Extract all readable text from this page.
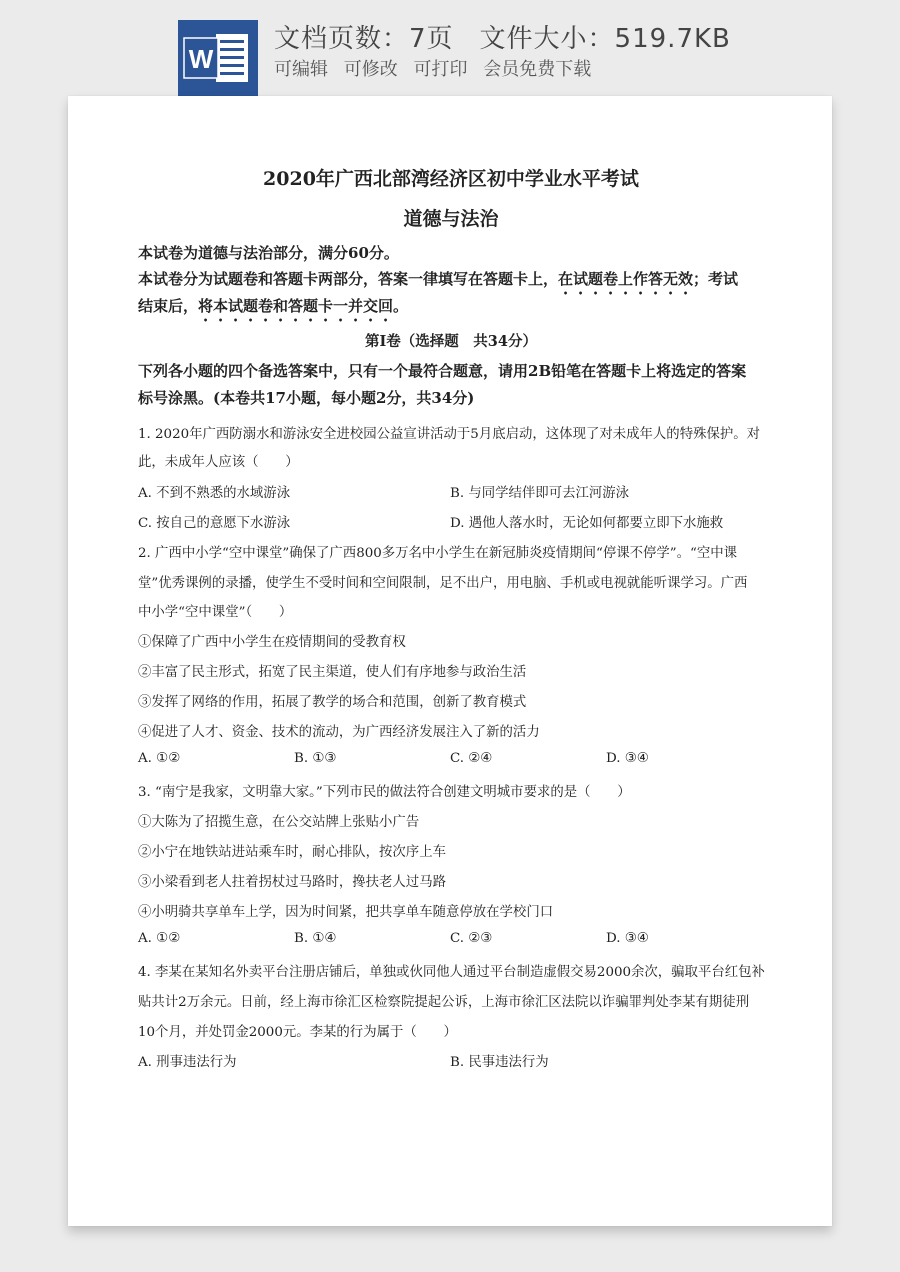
W
文档页数：7页 文件大小：519.7KB
可编辑 可修改 可打印 会员免费下载
2020年广西北部湾经济区初中学业水平考试
道德与法治
本试卷为道德与法治部分，满分60分。
本试卷分为试题卷和答题卡两部分，答案一律填写在答题卡上，在试题卷上作答无效；考试
结束后，将本试题卷和答题卡一并交回。
第Ⅰ卷（选择题　共34分）
下列各小题的四个备选答案中，只有一个最符合题意，请用2B铅笔在答题卡上将选定的答案
标号涂黑。(本卷共17小题，每小题2分，共34分)
1. 2020年广西防溺水和游泳安全进校园公益宣讲活动于5月底启动，这体现了对未成年人的特殊保护。对
此，未成年人应该（　　）
A. 不到不熟悉的水域游泳	B. 与同学结伴即可去江河游泳
C. 按自己的意愿下水游泳	D. 遇他人落水时，无论如何都要立即下水施救
2. 广西中小学“空中课堂”确保了广西800多万名中小学生在新冠肺炎疫情期间“停课不停学”。“空中课
堂”优秀课例的录播，使学生不受时间和空间限制，足不出户，用电脑、手机或电视就能听课学习。广西
中小学“空中课堂”（　　）
①保障了广西中小学生在疫情期间的受教育权
②丰富了民主形式，拓宽了民主渠道，使人们有序地参与政治生活
③发挥了网络的作用，拓展了教学的场合和范围，创新了教育模式
④促进了人才、资金、技术的流动，为广西经济发展注入了新的活力
A. ①②	B. ①③	C. ②④	D. ③④
3. “南宁是我家，文明靠大家。”下列市民的做法符合创建文明城市要求的是（　　）
①大陈为了招揽生意，在公交站牌上张贴小广告
②小宁在地铁站进站乘车时，耐心排队，按次序上车
③小梁看到老人拄着拐杖过马路时，搀扶老人过马路
④小明骑共享单车上学，因为时间紧，把共享单车随意停放在学校门口
A. ①②	B. ①④	C. ②③	D. ③④
4. 李某在某知名外卖平台注册店铺后，单独或伙同他人通过平台制造虚假交易2000余次，骗取平台红包补
贴共计2万余元。日前，经上海市徐汇区检察院提起公诉，上海市徐汇区法院以诈骗罪判处李某有期徒刑
10个月，并处罚金2000元。李某的行为属于（　　）
A. 刑事违法行为	B. 民事违法行为
